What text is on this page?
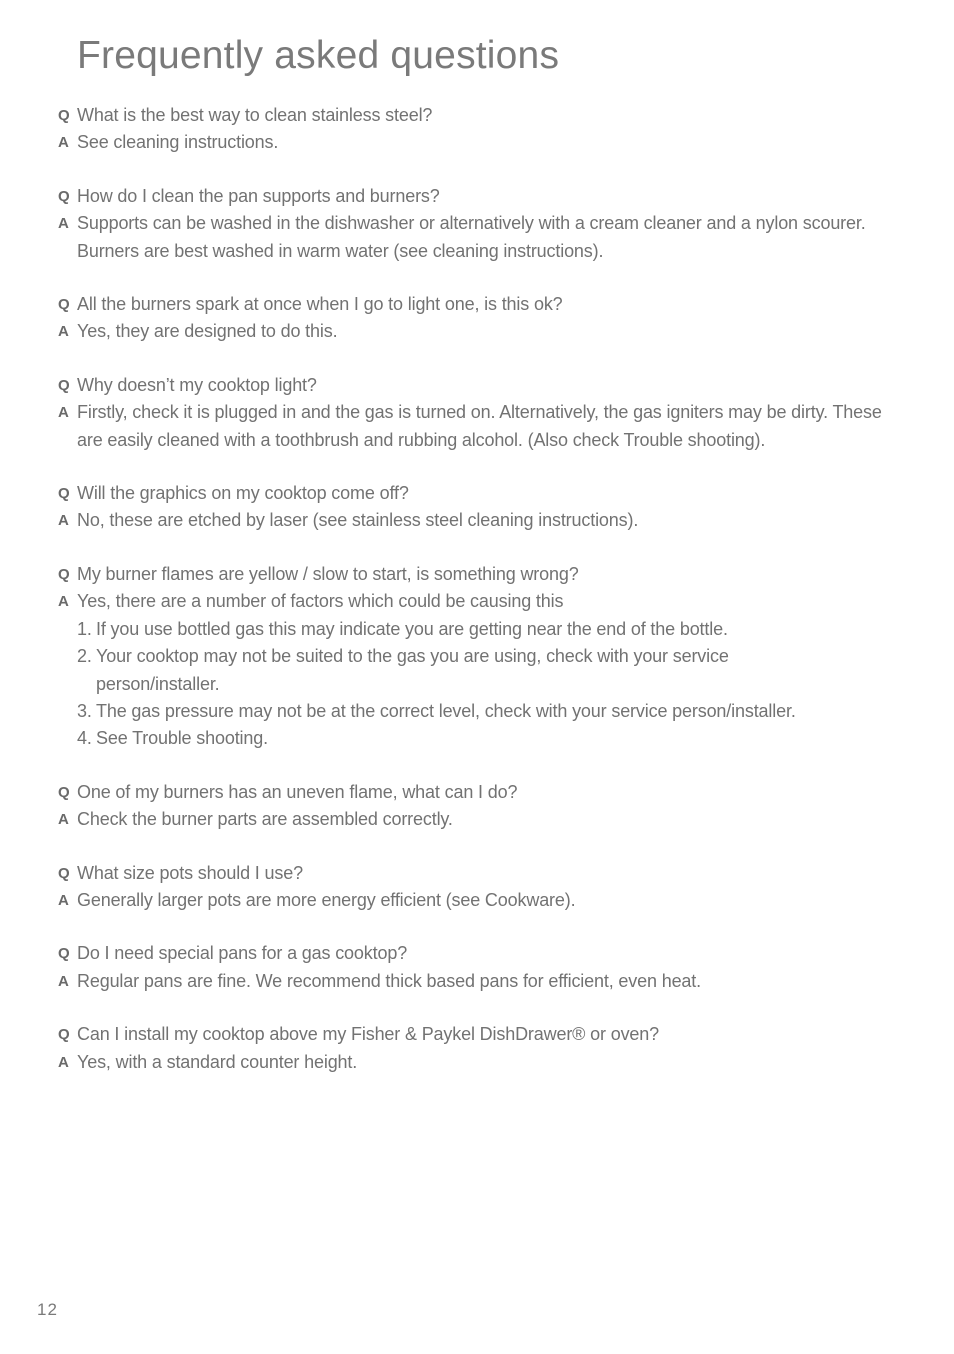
Frequently asked questions
Q What is the best way to clean stainless steel?
A See cleaning instructions.
Q How do I clean the pan supports and burners?
A Supports can be washed in the dishwasher or alternatively with a cream cleaner and a nylon scourer. Burners are best washed in warm water (see cleaning instructions).
Q All the burners spark at once when I go to light one, is this ok?
A Yes, they are designed to do this.
Q Why doesn’t my cooktop light?
A Firstly, check it is plugged in and the gas is turned on. Alternatively, the gas igniters may be dirty. These are easily cleaned with a toothbrush and rubbing alcohol. (Also check Trouble shooting).
Q Will the graphics on my cooktop come off?
A No, these are etched by laser (see stainless steel cleaning instructions).
Q My burner flames are yellow / slow to start, is something wrong?
A Yes, there are a number of factors which could be causing this
1. If you use bottled gas this may indicate you are getting near the end of the bottle.
2. Your cooktop may not be suited to the gas you are using, check with your service person/installer.
3. The gas pressure may not be at the correct level, check with your service person/installer.
4. See Trouble shooting.
Q One of my burners has an uneven flame, what can I do?
A Check the burner parts are assembled correctly.
Q What size pots should I use?
A Generally larger pots are more energy efficient (see Cookware).
Q Do I need special pans for a gas cooktop?
A Regular pans are fine. We recommend thick based pans for efficient, even heat.
Q Can I install my cooktop above my Fisher & Paykel DishDrawer® or oven?
A Yes, with a standard counter height.
12
